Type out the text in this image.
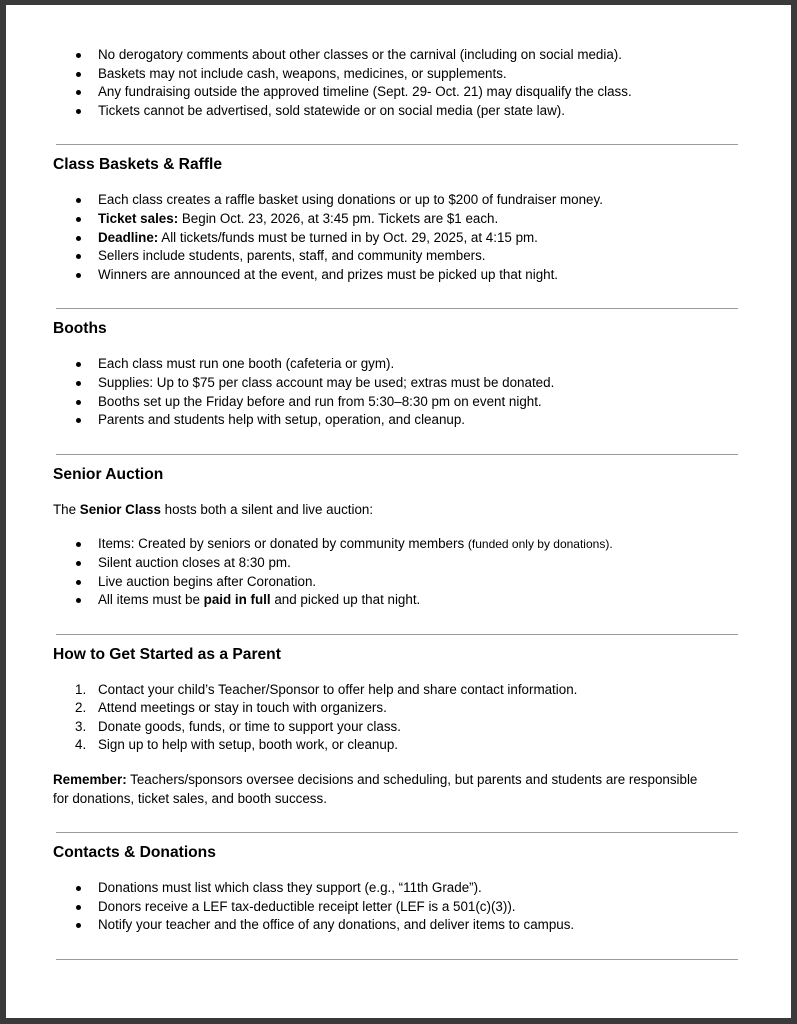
No derogatory comments about other classes or the carnival (including on social media).
Baskets may not include cash, weapons, medicines, or supplements.
Any fundraising outside the approved timeline (Sept. 29- Oct. 21) may disqualify the class.
Tickets cannot be advertised, sold statewide or on social media (per state law).
Class Baskets & Raffle
Each class creates a raffle basket using donations or up to $200 of fundraiser money.
Ticket sales: Begin Oct. 23, 2026, at 3:45 pm. Tickets are $1 each.
Deadline: All tickets/funds must be turned in by Oct. 29, 2025, at 4:15 pm.
Sellers include students, parents, staff, and community members.
Winners are announced at the event, and prizes must be picked up that night.
Booths
Each class must run one booth (cafeteria or gym).
Supplies: Up to $75 per class account may be used; extras must be donated.
Booths set up the Friday before and run from 5:30–8:30 pm on event night.
Parents and students help with setup, operation, and cleanup.
Senior Auction
The Senior Class hosts both a silent and live auction:
Items: Created by seniors or donated by community members (funded only by donations).
Silent auction closes at 8:30 pm.
Live auction begins after Coronation.
All items must be paid in full and picked up that night.
How to Get Started as a Parent
1. Contact your child’s Teacher/Sponsor to offer help and share contact information.
2. Attend meetings or stay in touch with organizers.
3. Donate goods, funds, or time to support your class.
4. Sign up to help with setup, booth work, or cleanup.
Remember: Teachers/sponsors oversee decisions and scheduling, but parents and students are responsible
for donations, ticket sales, and booth success.
Contacts & Donations
Donations must list which class they support (e.g., “11th Grade”).
Donors receive a LEF tax-deductible receipt letter (LEF is a 501(c)(3)).
Notify your teacher and the office of any donations, and deliver items to campus.
